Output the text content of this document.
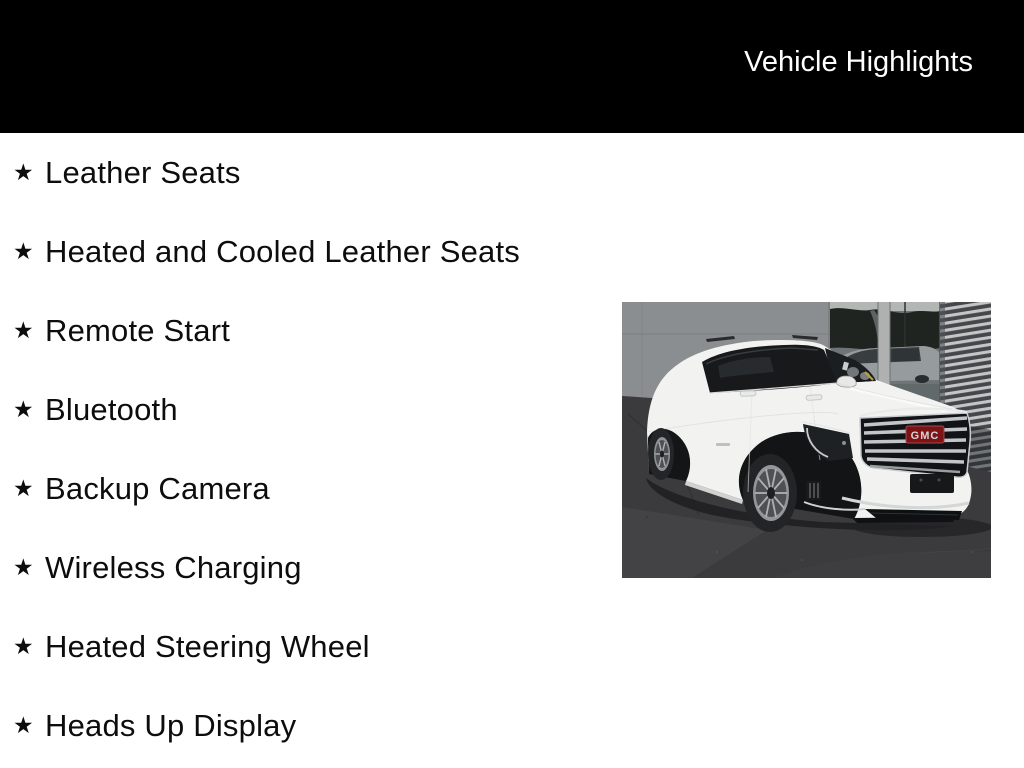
Vehicle Highlights
★ Leather Seats
★ Heated and Cooled Leather Seats
★ Remote Start
★ Bluetooth
★ Backup Camera
★ Wireless Charging
★ Heated Steering Wheel
★ Heads Up Display
GMC
